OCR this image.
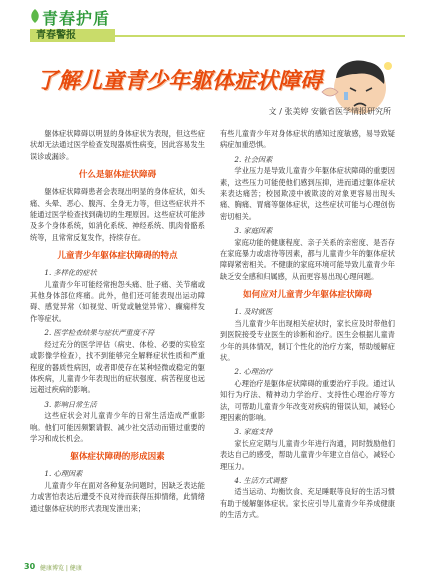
青春护盾
青春警报
了解儿童青少年躯体症状障碍
文 / 张美婷 安徽省医学情报研究所

躯体症状障碍以明显的身体症状为表现，但这些症状却无法通过医学检查发现器质性病变，因此容易发生误诊或漏诊。

什么是躯体症状障碍

躯体症状障碍患者会表现出明显的身体症状，如头痛、头晕、恶心、腹泻、全身无力等，但这些症状并不能通过医学检查找到确切的生理原因。这些症状可能涉及多个身体系统，如消化系统、神经系统、肌肉骨骼系统等，且常常反复发作，持续存在。

儿童青少年躯体症状障碍的特点
1. 多样化的症状

儿童青少年可能经常抱怨头痛、肚子痛、关节痛或其他身体部位疼痛。此外，他们还可能表现出运动障碍、感觉异常（如视觉、听觉或触觉异常）、癫痫样发作等症状。

2. 医学检查结果与症状严重度不符

经过充分的医学评估（病史、体检、必要的实验室或影像学检查），找不到能够完全解释症状性质和严重程度的器质性病因，或者即使存在某种轻微或稳定的躯体疾病，儿童青少年表现出的症状强度、病苦程度也远远超过疾病的影响。

3. 影响日常生活

这些症状会对儿童青少年的日常生活造成严重影响。他们可能因频繁请假、减少社交活动而错过重要的学习和成长机会。

躯体症状障碍的形成因素
1. 心理因素

儿童青少年在面对各种复杂问题时，因缺乏表达能力或害怕表达后遭受不良对待而获得压抑情绪，此情绪通过躯体症状的形式表现发泄出来；

有些儿童青少年对身体症状的感知过度敏感，易导致疑病症加重恐惧。

2. 社会因素

学业压力是导致儿童青少年躯体症状障碍的重要因素，这些压力可能使他们感到压抑，进而通过躯体症状来表达痛苦；校园欺凌中被欺凌的对象更容易出现头痛、胸痛、胃痛等躯体症状，这些症状可能与心理创伤密切相关。

3. 家庭因素

家庭功能的健康程度、亲子关系的亲密度、是否存在家庭暴力或虐待等因素，都与儿童青少年的躯体症状障碍紧密相关。不健康的家庭环境可能导致儿童青少年缺乏安全感和归属感，从而更容易出现心理问题。

如何应对儿童青少年躯体症状障碍
1. 及时就医

当儿童青少年出现相关症状时，家长应及时带他们到医院接受专业医生的诊断和治疗。医生会根据儿童青少年的具体情况，制订个性化的治疗方案，帮助缓解症状。

2. 心理治疗

心理治疗是躯体症状障碍的重要治疗手段。通过认知行为疗法、精神动力学治疗、支持性心理治疗等方法，可帮助儿童青少年改变对疾病的错误认知，减轻心理因素的影响。

3. 家庭支持

家长应定期与儿童青少年进行沟通，同时鼓励他们表达自己的感受，帮助儿童青少年建立自信心，减轻心理压力。

4. 生活方式调整

适当运动、均衡饮食、充足睡眠等良好的生活习惯有助于缓解躯体症状。家长应引导儿童青少年养成健康的生活方式。

30 健康博览 | 健康
